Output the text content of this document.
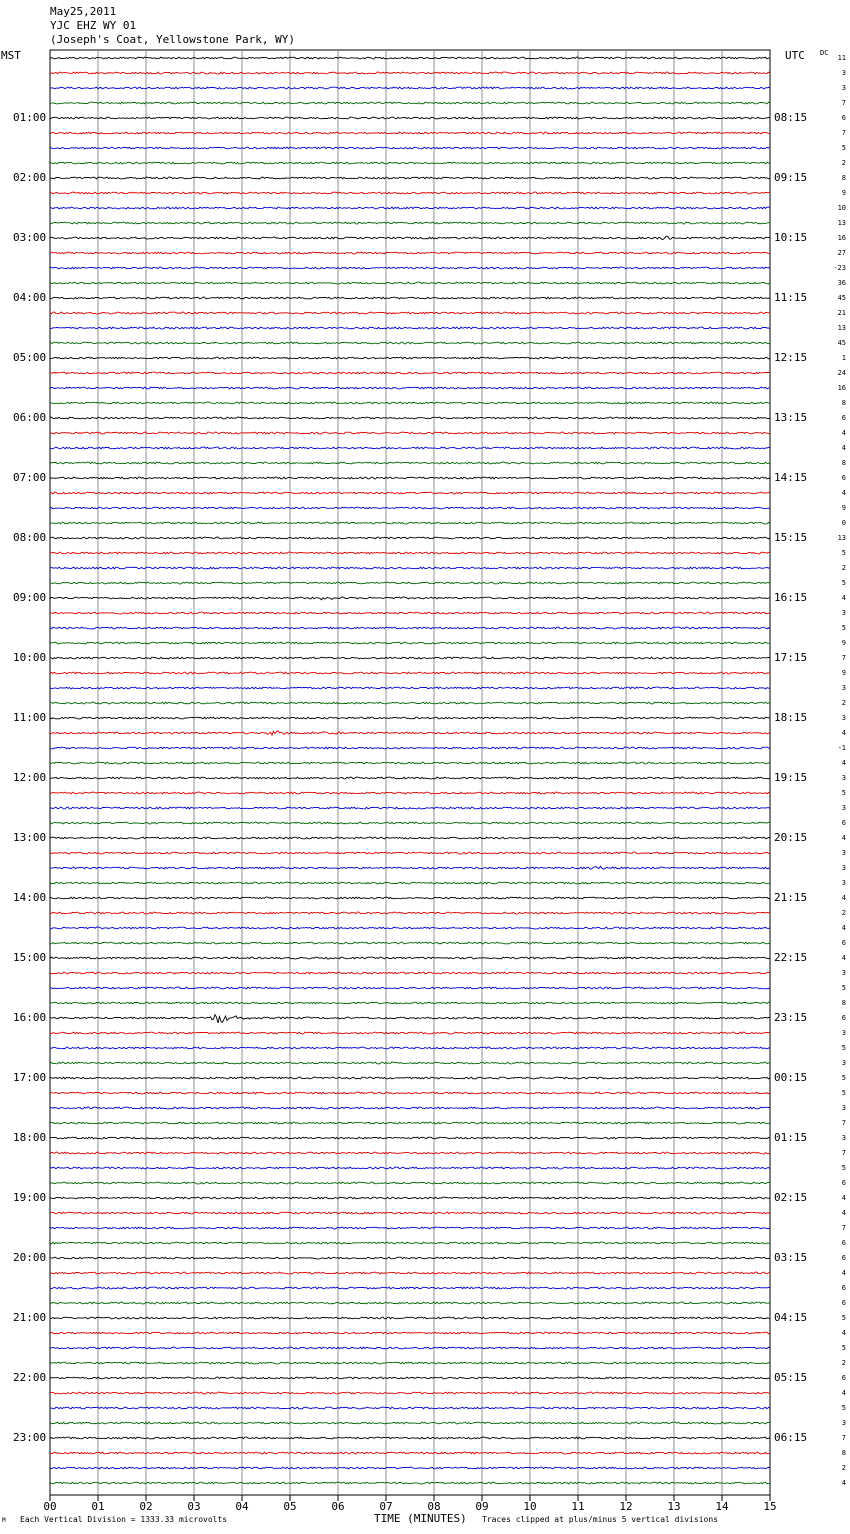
May25,2011
YJC EHZ WY 01
(Joseph's Coat, Yellowstone Park, WY)
MST	UTC DC
01:00
02:00
03:00
04:00
05:00
06:00
07:00
08:00
09:00
10:00
11:00
12:00
13:00
14:00
15:00
16:00
17:00
18:00
19:00
20:00
21:00
22:00
23:00
08:15
09:15
10:15
11:15
12:15
13:15
14:15
15:15
16:15
17:15
18:15
19:15
20:15
21:15
22:15
23:15
00:15
01:15
02:15
03:15
04:15
05:15
06:15
11
3
3
7
6
7
5
2
8
9
10
13
16
27
-23
36
45
21
13
45
1
24
16
8
6
4
4
8
6
4
9
0
13
5
2
5
4
3
5
9
7
9
3
2
3
4
-1
4
3
5
3
6
4
3
3
3
4
2
4
6
4
3
5
8
6
3
5
3
5
5
3
7
3
7
5
6
4
4
7
6
6
4
6
6
5
4
5
2
6
4
5
3
7
8
2
4
00	01	02	03	04	05	06	07	08	09	10	11	12	13	14	15
M Each Vertical Division = 1333.33 microvolts	TIME (MINUTES) Traces clipped at plus/minus 5 vertical divisions
